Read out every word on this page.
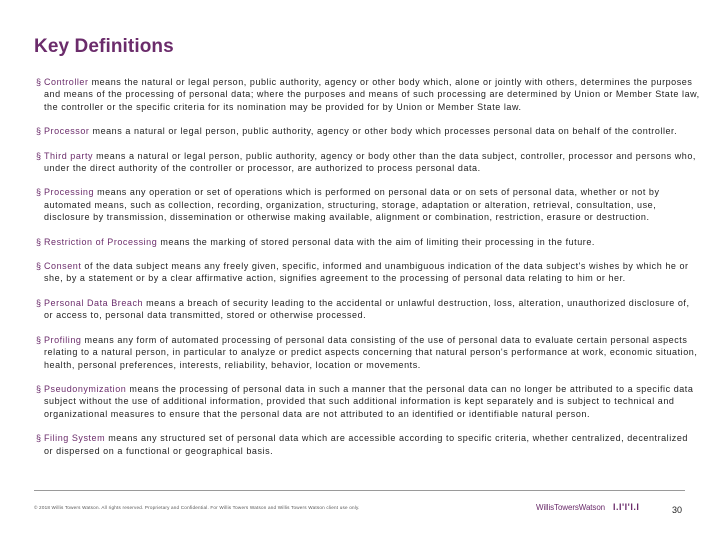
Key Definitions
§ Controller means the natural or legal person, public authority, agency or other body which, alone or jointly with others, determines the purposes and means of the processing of personal data; where the purposes and means of such processing are determined by Union or Member State law, the controller or the specific criteria for its nomination may be provided for by Union or Member State law.
§ Processor means a natural or legal person, public authority, agency or other body which processes personal data on behalf of the controller.
§ Third party means a natural or legal person, public authority, agency or body other than the data subject, controller, processor and persons who, under the direct authority of the controller or processor, are authorized to process personal data.
§ Processing means any operation or set of operations which is performed on personal data or on sets of personal data, whether or not by automated means, such as collection, recording, organization, structuring, storage, adaptation or alteration, retrieval, consultation, use, disclosure by transmission, dissemination or otherwise making available, alignment or combination, restriction, erasure or destruction.
§ Restriction of Processing means the marking of stored personal data with the aim of limiting their processing in the future.
§ Consent of the data subject means any freely given, specific, informed and unambiguous indication of the data subject's wishes by which he or she, by a statement or by a clear affirmative action, signifies agreement to the processing of personal data relating to him or her.
§ Personal Data Breach means a breach of security leading to the accidental or unlawful destruction, loss, alteration, unauthorized disclosure of, or access to, personal data transmitted, stored or otherwise processed.
§ Profiling means any form of automated processing of personal data consisting of the use of personal data to evaluate certain personal aspects relating to a natural person, in particular to analyze or predict aspects concerning that natural person's performance at work, economic situation, health, personal preferences, interests, reliability, behavior, location or movements.
§ Pseudonymization means the processing of personal data in such a manner that the personal data can no longer be attributed to a specific data subject without the use of additional information, provided that such additional information is kept separately and is subject to technical and organizational measures to ensure that the personal data are not attributed to an identified or identifiable natural person.
§ Filing System means any structured set of personal data which are accessible according to specific criteria, whether centralized, decentralized or dispersed on a functional or geographical basis.
© 2018 Willis Towers Watson. All rights reserved. Proprietary and Confidential. For Willis Towers Watson and Willis Towers Watson client use only.	WillisTowersWatson I.I'I'I.I	30
